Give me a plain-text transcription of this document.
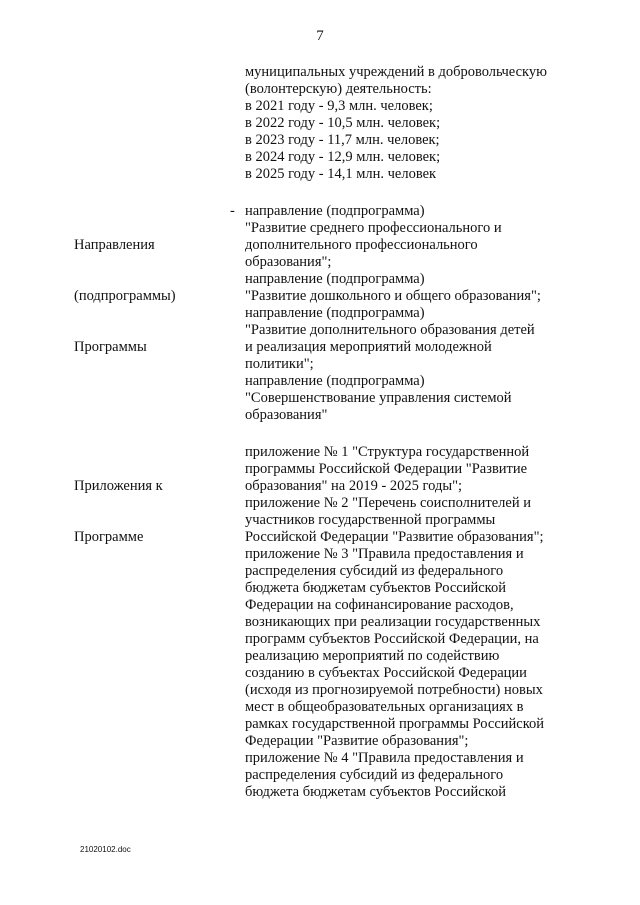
7
муниципальных учреждений в добровольческую
(волонтерскую) деятельность:
в 2021 году - 9,3 млн. человек;
в 2022 году - 10,5 млн. человек;
в 2023 году - 11,7 млн. человек;
в 2024 году - 12,9 млн. человек;
в 2025 году - 14,1 млн. человек

Направления

(подпрограммы)

Программы

- направление (подпрограмма)
"Развитие среднего профессионального и
дополнительного профессионального
образования";
направление (подпрограмма)
"Развитие дошкольного и общего образования";
направление (подпрограмма)
"Развитие дополнительного образования детей
и реализация мероприятий молодежной
политики";
направление (подпрограмма)
"Совершенствование управления системой
образования"

Приложения к

Программе

приложение № 1 "Структура государственной
программы Российской Федерации "Развитие
образования" на 2019 - 2025 годы";
приложение № 2 "Перечень соисполнителей и
участников государственной программы
Российской Федерации "Развитие образования";
приложение № 3 "Правила предоставления и
распределения субсидий из федерального
бюджета бюджетам субъектов Российской
Федерации на софинансирование расходов,
возникающих при реализации государственных
программ субъектов Российской Федерации, на
реализацию мероприятий по содействию
созданию в субъектах Российской Федерации
(исходя из прогнозируемой потребности) новых
мест в общеобразовательных организациях в
рамках государственной программы Российской
Федерации "Развитие образования";
приложение № 4 "Правила предоставления и
распределения субсидий из федерального
бюджета бюджетам субъектов Российской
21020102.doc
